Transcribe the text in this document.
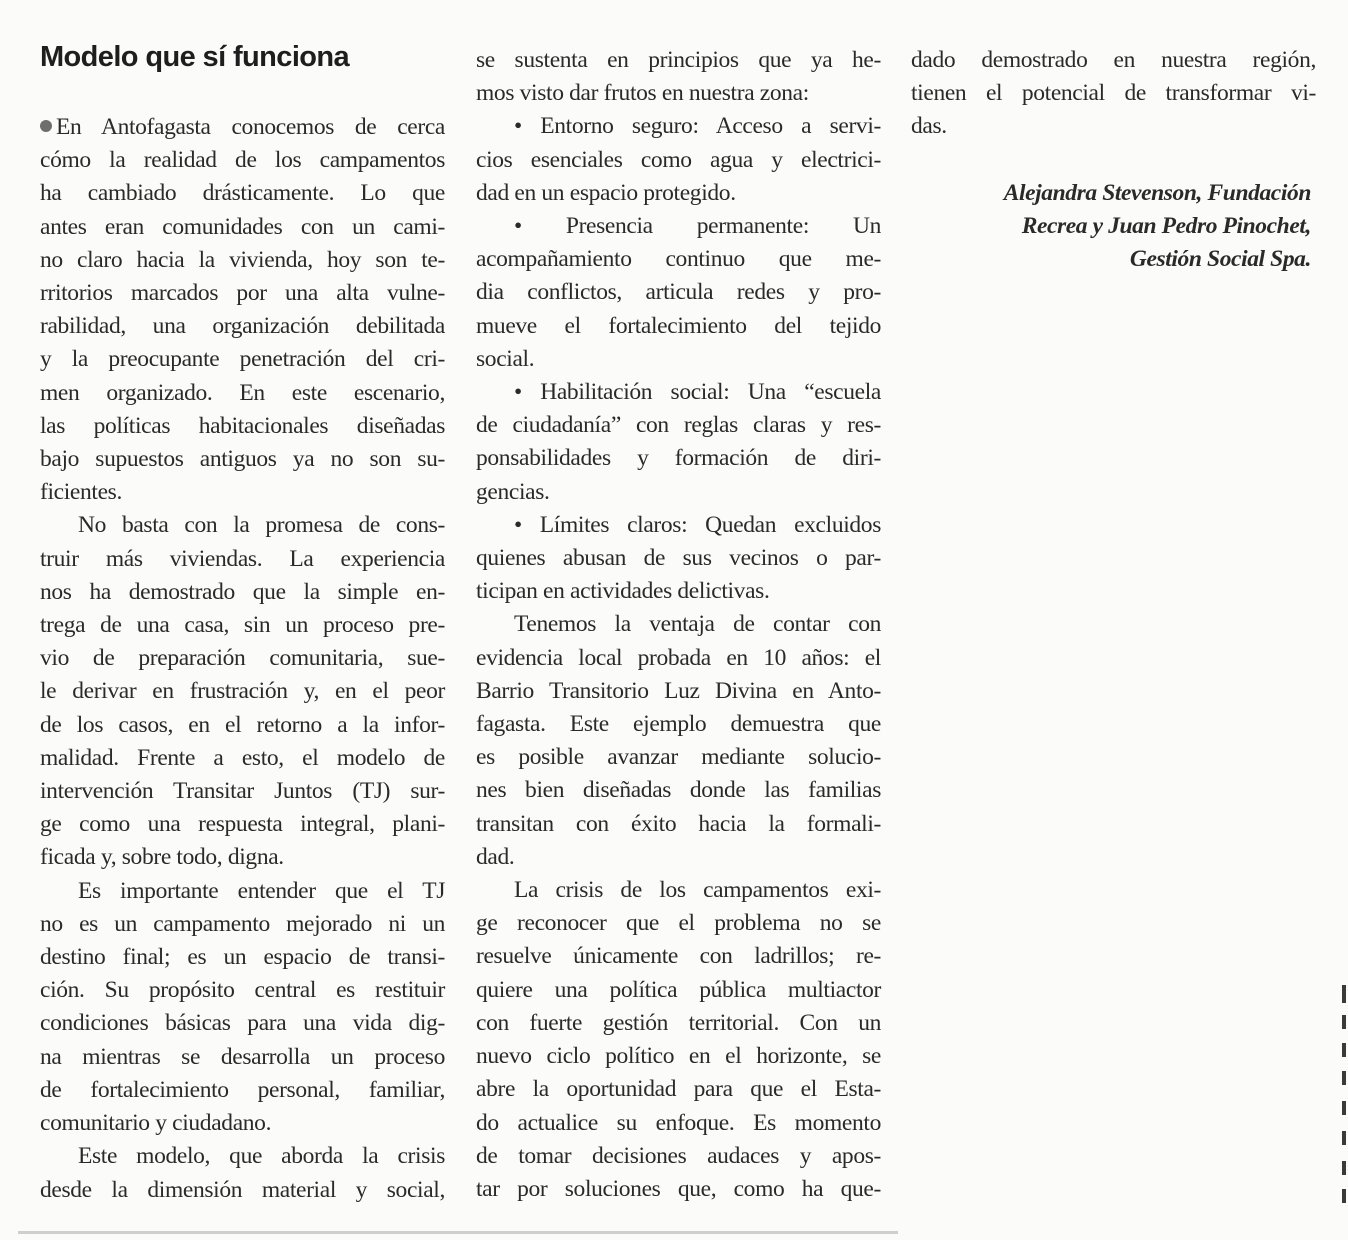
Modelo que sí funciona
En Antofagasta conocemos de cerca
cómo la realidad de los campamentos
ha cambiado drásticamente. Lo que
antes eran comunidades con un cami-
no claro hacia la vivienda, hoy son te-
rritorios marcados por una alta vulne-
rabilidad, una organización debilitada
y la preocupante penetración del cri-
men organizado. En este escenario,
las políticas habitacionales diseñadas
bajo supuestos antiguos ya no son su-
ficientes.
No basta con la promesa de cons-
truir más viviendas. La experiencia
nos ha demostrado que la simple en-
trega de una casa, sin un proceso pre-
vio de preparación comunitaria, sue-
le derivar en frustración y, en el peor
de los casos, en el retorno a la infor-
malidad. Frente a esto, el modelo de
intervención Transitar Juntos (TJ) sur-
ge como una respuesta integral, plani-
ficada y, sobre todo, digna.
Es importante entender que el TJ
no es un campamento mejorado ni un
destino final; es un espacio de transi-
ción. Su propósito central es restituir
condiciones básicas para una vida dig-
na mientras se desarrolla un proceso
de fortalecimiento personal, familiar,
comunitario y ciudadano.
Este modelo, que aborda la crisis
desde la dimensión material y social,
se sustenta en principios que ya he-
mos visto dar frutos en nuestra zona:
• Entorno seguro: Acceso a servi-
cios esenciales como agua y electrici-
dad en un espacio protegido.
• Presencia permanente: Un
acompañamiento continuo que me-
dia conflictos, articula redes y pro-
mueve el fortalecimiento del tejido
social.
• Habilitación social: Una “escuela
de ciudadanía” con reglas claras y res-
ponsabilidades y formación de diri-
gencias.
• Límites claros: Quedan excluidos
quienes abusan de sus vecinos o par-
ticipan en actividades delictivas.
Tenemos la ventaja de contar con
evidencia local probada en 10 años: el
Barrio Transitorio Luz Divina en Anto-
fagasta. Este ejemplo demuestra que
es posible avanzar mediante solucio-
nes bien diseñadas donde las familias
transitan con éxito hacia la formali-
dad.
La crisis de los campamentos exi-
ge reconocer que el problema no se
resuelve únicamente con ladrillos; re-
quiere una política pública multiactor
con fuerte gestión territorial. Con un
nuevo ciclo político en el horizonte, se
abre la oportunidad para que el Esta-
do actualice su enfoque. Es momento
de tomar decisiones audaces y apos-
tar por soluciones que, como ha que-
dado demostrado en nuestra región,
tienen el potencial de transformar vi-
das.
Alejandra Stevenson, Fundación
Recrea y Juan Pedro Pinochet,
Gestión Social Spa.
